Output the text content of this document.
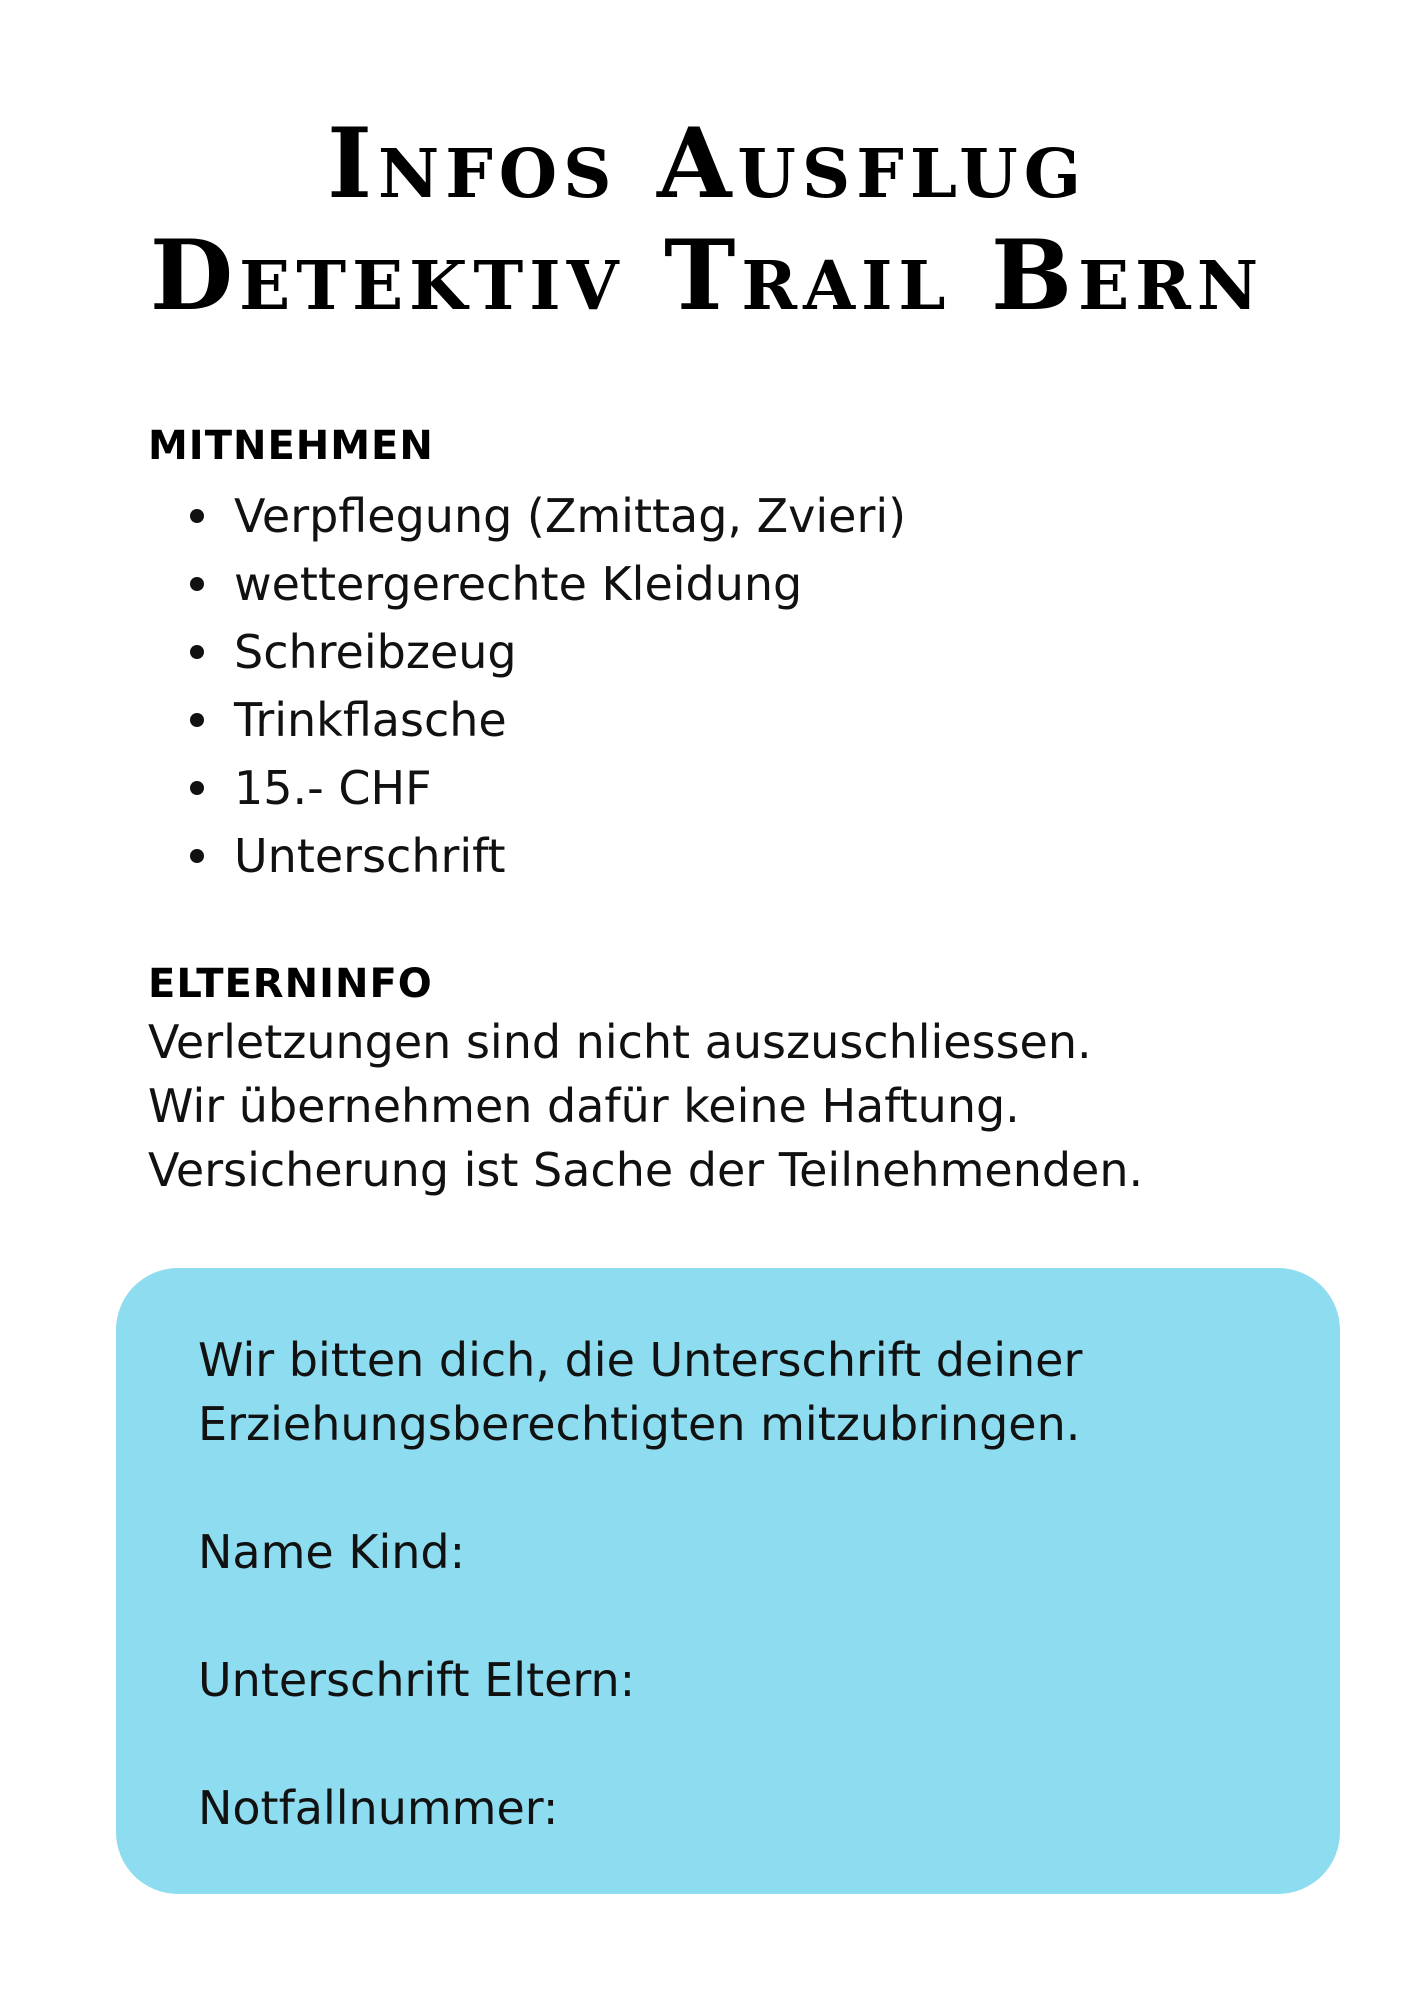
Infos Ausflug
Detektiv Trail Bern
MITNEHMEN
Verpflegung (Zmittag, Zvieri)
wettergerechte Kleidung
Schreibzeug
Trinkflasche
15.- CHF
Unterschrift
ELTERNINFO

Verletzungen sind nicht auszuschliessen.
Wir übernehmen dafür keine Haftung.
Versicherung ist Sache der Teilnehmenden.

Wir bitten dich, die Unterschrift deiner
Erziehungsberechtigten mitzubringen.

Name Kind:
Unterschrift Eltern:
Notfallnummer:
